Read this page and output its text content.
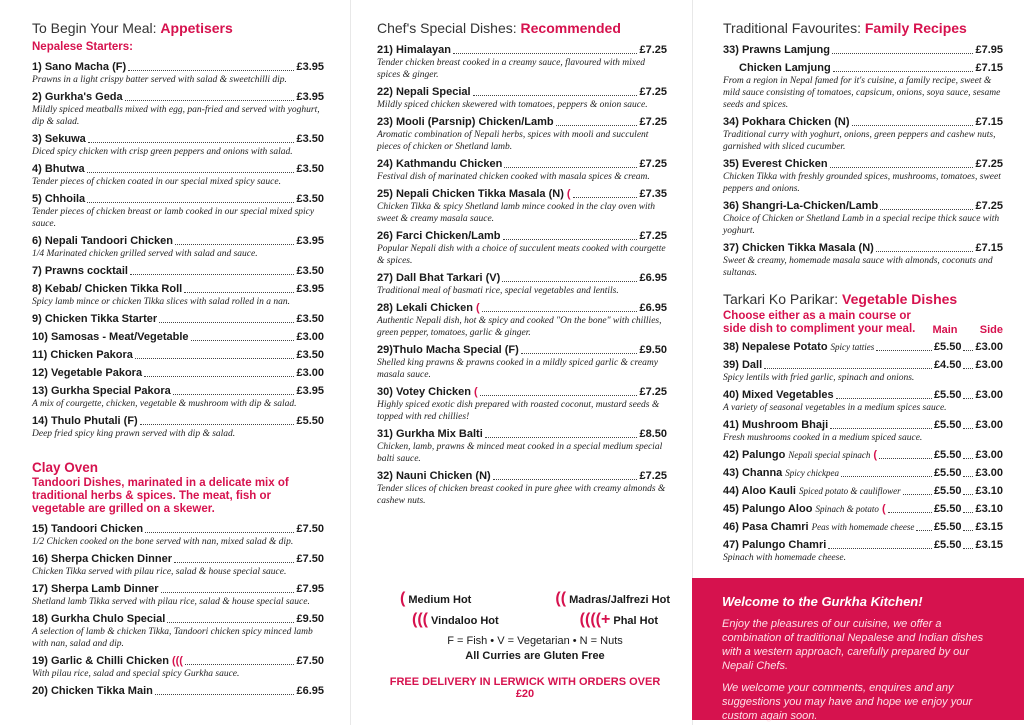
To Begin Your Meal: Appetisers
Nepalese Starters:
1) Sano Macha (F)	£3.95
Prawns in a light crispy batter served with salad & sweetchilli dip.
2) Gurkha's Geda	£3.95
Mildly spiced meatballs mixed with egg, pan-fried and served with yoghurt, dip & salad.
3) Sekuwa	£3.50
Diced spicy chicken with crisp green peppers and onions with salad.
4) Bhutwa	£3.50
Tender pieces of chicken coated in our special mixed spicy sauce.
5) Chhoila	£3.50
Tender pieces of chicken breast or lamb cooked in our special mixed spicy sauce.
6) Nepali Tandoori Chicken	£3.95
1/4 Marinated chicken grilled served with salad and sauce.
7) Prawns cocktail	£3.50
8) Kebab/ Chicken Tikka Roll	£3.95
Spicy lamb mince or chicken Tikka slices with salad rolled in a nan.
9) Chicken Tikka Starter	£3.50
10) Samosas - Meat/Vegetable	£3.00
11) Chicken Pakora	£3.50
12) Vegetable Pakora	£3.00
13) Gurkha Special Pakora	£3.95
A mix of courgette, chicken, vegetable & mushroom with dip & salad.
14) Thulo Phutali (F)	£5.50
Deep fried spicy king prawn served with dip & salad.
Clay Oven
Tandoori Dishes, marinated in a delicate mix of traditional herbs & spices. The meat, fish or vegetable are grilled on a skewer.
15) Tandoori Chicken	£7.50
1/2 Chicken cooked on the bone served with nan, mixed salad & dip.
16) Sherpa Chicken Dinner	£7.50
Chicken Tikka served with pilau rice, salad & house special sauce.
17) Sherpa Lamb Dinner	£7.95
Shetland lamb Tikka served with pilau rice, salad & house special sauce.
18) Gurkha Chulo Special	£9.50
A selection of lamb & chicken Tikka, Tandoori chicken spicy minced lamb with nan, salad and dip.
19) Garlic & Chilli Chicken (((	£7.50
With pilau rice, salad and special spicy Gurkha sauce.
20) Chicken Tikka Main	£6.95
Chef's Special Dishes: Recommended
21) Himalayan	£7.25
Tender chicken breast cooked in a creamy sauce, flavoured with mixed spices & ginger.
22) Nepali Special	£7.25
Mildly spiced chicken skewered with tomatoes, peppers & onion sauce.
23) Mooli (Parsnip) Chicken/Lamb	£7.25
Aromatic combination of Nepali herbs, spices with mooli and succulent pieces of chicken or Shetland lamb.
24) Kathmandu Chicken	£7.25
Festival dish of marinated chicken cooked with masala spices & cream.
25) Nepali Chicken Tikka Masala (N) (	£7.35
Chicken Tikka & spicy Shetland lamb mince cooked in the clay oven with sweet & creamy masala sauce.
26) Farci Chicken/Lamb	£7.25
Popular Nepali dish with a choice of succulent meats cooked with courgette & spices.
27) Dall Bhat Tarkari (V)	£6.95
Traditional meal of basmati rice, special vegetables and lentils.
28) Lekali Chicken (	£6.95
Authentic Nepali dish, hot & spicy and cooked "On the bone" with chillies, green pepper, tomatoes, garlic & ginger.
29)Thulo Macha Special (F)	£9.50
Shelled king prawns & prawns cooked in a mildly spiced garlic & creamy masala sauce.
30) Votey Chicken (	£7.25
Highly spiced exotic dish prepared with roasted coconut, mustard seeds & topped with red chillies!
31) Gurkha Mix Balti	£8.50
Chicken, lamb, prawns & minced meat cooked in a special medium special balti sauce.
32) Nauni Chicken (N)	£7.25
Tender slices of chicken breast cooked in pure ghee with creamy almonds & cashew nuts.
Traditional Favourites: Family Recipes
33) Prawns Lamjung	£7.95
Chicken Lamjung	£7.15
From a region in Nepal famed for it's cuisine, a family recipe, sweet & mild sauce consisting of tomatoes, capsicum, onions, soya sauce, sesame seeds and spices.
34) Pokhara Chicken (N)	£7.15
Traditional curry with yoghurt, onions, green peppers and cashew nuts, garnished with sliced cucumber.
35) Everest Chicken	£7.25
Chicken Tikka with freshly grounded spices, mushrooms, tomatoes, sweet peppers and onions.
36) Shangri-La-Chicken/Lamb	£7.25
Choice of Chicken or Shetland Lamb in a special recipe thick sauce with yoghurt.
37) Chicken Tikka Masala (N)	£7.15
Sweet & creamy, homemade masala sauce with almonds, coconuts and sultanas.
Tarkari Ko Parikar: Vegetable Dishes
Choose either as a main course or side dish to compliment your meal.	Main	Side
38) Nepalese Potato Spicy tatties	£5.50 £3.00
39) Dall	£4.50 £3.00
Spicy lentils with fried garlic, spinach and onions.
40) Mixed Vegetables	£5.50 £3.00
A variety of seasonal vegetables in a medium spices sauce.
41) Mushroom Bhaji	£5.50 £3.00
Fresh mushrooms cooked in a medium spiced sauce.
42) Palungo Nepali special spinach (	£5.50 £3.00
43) Channa Spicy chickpea	£5.50 £3.00
44) Aloo Kauli Spiced potato & cauliflower	£5.50 £3.10
45) Palungo Aloo Spinach & potato (	£5.50 £3.10
46) Pasa Chamri Peas with homemade cheese £5.50 £3.15
47) Palungo Chamri	£5.50 £3.15
Spinach with homemade cheese.
( Medium Hot	(( Madras/Jalfrezi Hot
((( Vindaloo Hot	((((+ Phal Hot
F = Fish • V = Vegetarian • N = Nuts
All Curries are Gluten Free
FREE DELIVERY IN LERWICK WITH ORDERS OVER £20
Welcome to the Gurkha Kitchen!

Enjoy the pleasures of our cuisine, we offer a combination of traditional Nepalese and Indian dishes with a western approach, carefully prepared by our Nepali Chefs.

We welcome your comments, enquires and any suggestions you may have and hope we enjoy your custom again soon.
